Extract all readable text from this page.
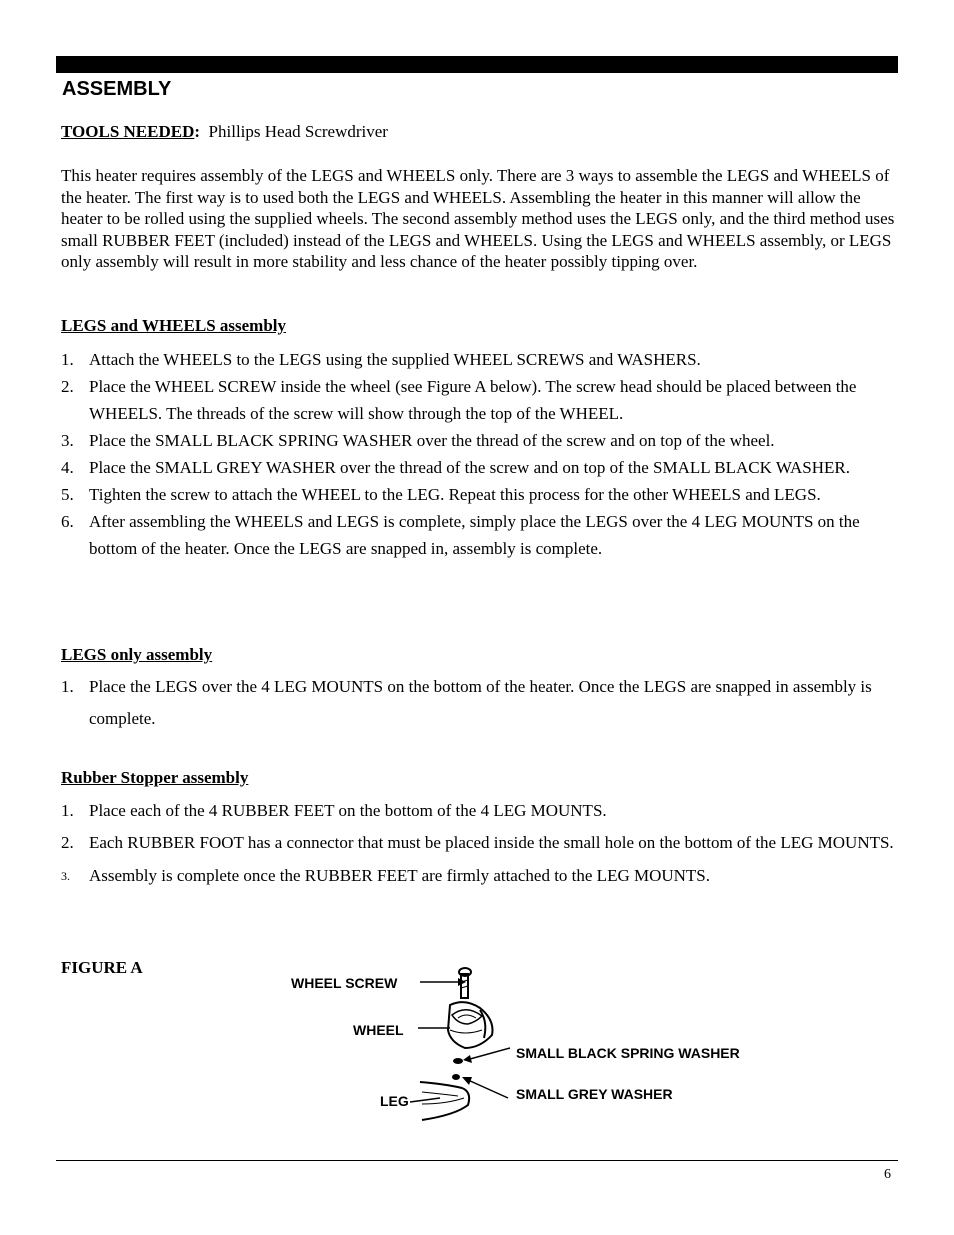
ASSEMBLY
TOOLS NEEDED: Phillips Head Screwdriver

This heater requires assembly of the LEGS and WHEELS only. There are 3 ways to assemble the LEGS and WHEELS of the heater. The first way is to used both the LEGS and WHEELS. Assembling the heater in this manner will allow the heater to be rolled using the supplied wheels. The second assembly method uses the LEGS only, and the third method uses small RUBBER FEET (included) instead of the LEGS and WHEELS. Using the LEGS and WHEELS assembly, or LEGS only assembly will result in more stability and less chance of the heater possibly tipping over.

LEGS and WHEELS assembly
1. Attach the WHEELS to the LEGS using the supplied WHEEL SCREWS and WASHERS.
2. Place the WHEEL SCREW inside the wheel (see Figure A below). The screw head should be placed between the WHEELS. The threads of the screw will show through the top of the WHEEL.
3. Place the SMALL BLACK SPRING WASHER over the thread of the screw and on top of the wheel.
4. Place the SMALL GREY WASHER over the thread of the screw and on top of the SMALL BLACK WASHER.
5. Tighten the screw to attach the WHEEL to the LEG. Repeat this process for the other WHEELS and LEGS.
6. After assembling the WHEELS and LEGS is complete, simply place the LEGS over the 4 LEG MOUNTS on the bottom of the heater. Once the LEGS are snapped in, assembly is complete.
LEGS only assembly
1. Place the LEGS over the 4 LEG MOUNTS on the bottom of the heater. Once the LEGS are snapped in assembly is complete.
Rubber Stopper assembly
1. Place each of the 4 RUBBER FEET on the bottom of the 4 LEG MOUNTS.
2. Each RUBBER FOOT has a connector that must be placed inside the small hole on the bottom of the LEG MOUNTS.
3. Assembly is complete once the RUBBER FEET are firmly attached to the LEG MOUNTS.
FIGURE A
WHEEL SCREW
WHEEL
SMALL BLACK SPRING WASHER
SMALL GREY WASHER
LEG
6
